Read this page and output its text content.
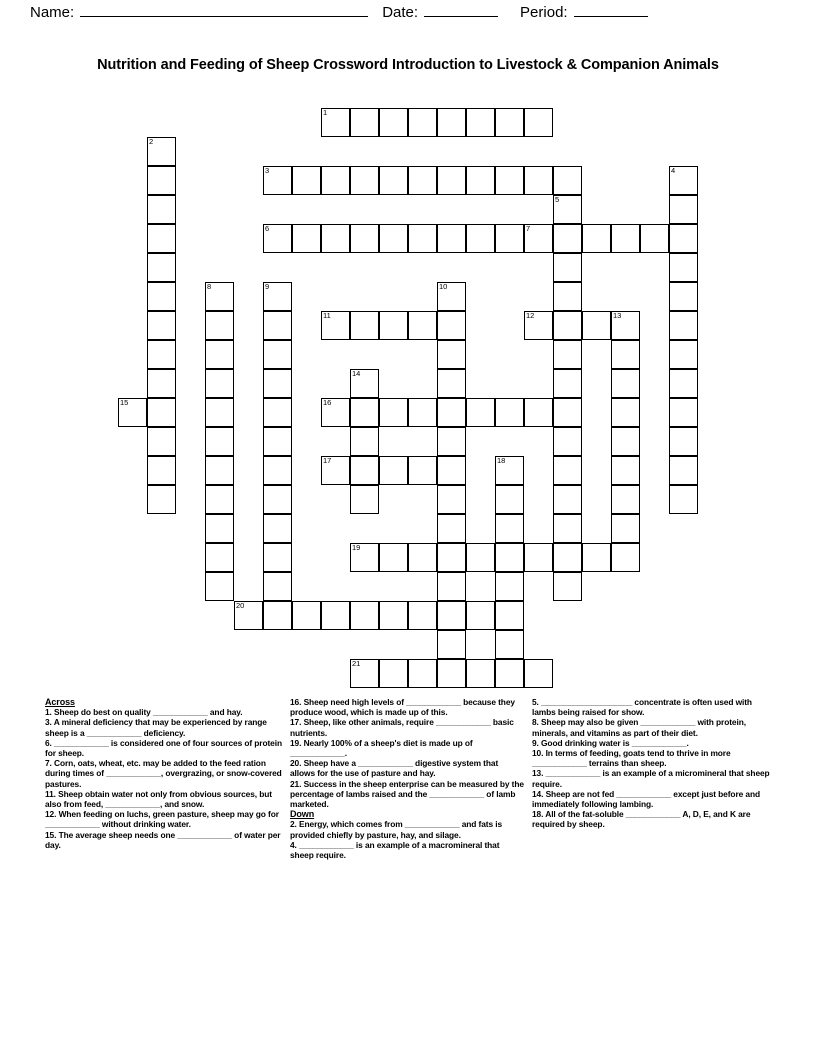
Name:	Date:	Period:
Nutrition and Feeding of Sheep Crossword Introduction to Livestock & Companion Animals
1
2
3	4
5
6	7
8	9	10
11	12	13
14
15	16
17	18
19
20
21
Across
1. Sheep do best on quality ____________ and hay.
3. A mineral deficiency that may be experienced by range sheep is a ____________ deficiency.
6. ____________ is considered one of four sources of protein for sheep.
7. Corn, oats, wheat, etc. may be added to the feed ration during times of ____________, overgrazing, or snow-covered pastures.
11. Sheep obtain water not only from obvious sources, but also from feed, ____________, and snow.
12. When feeding on luchs, green pasture, sheep may go for ____________ without drinking water.
15. The average sheep needs one ____________ of water per day.
16. Sheep need high levels of ____________ because they produce wood, which is made up of this.
17. Sheep, like other animals, require ____________ basic nutrients.
19. Nearly 100% of a sheep's diet is made up of ____________.
20. Sheep have a ____________ digestive system that allows for the use of pasture and hay.
21. Success in the sheep enterprise can be measured by the percentage of lambs raised and the ____________ of lamb marketed.
Down
2. Energy, which comes from ____________ and fats is provided chiefly by pasture, hay, and silage.
4. ____________ is an example of a macromineral that sheep require.
5. ____________________ concentrate is often used with lambs being raised for show.
8. Sheep may also be given ____________ with protein, minerals, and vitamins as part of their diet.
9. Good drinking water is ____________.
10. In terms of feeding, goats tend to thrive in more ____________ terrains than sheep.
13. ____________ is an example of a micromineral that sheep require.
14. Sheep are not fed ____________ except just before and immediately following lambing.
18. All of the fat-soluble ____________ A, D, E, and K are required by sheep.
